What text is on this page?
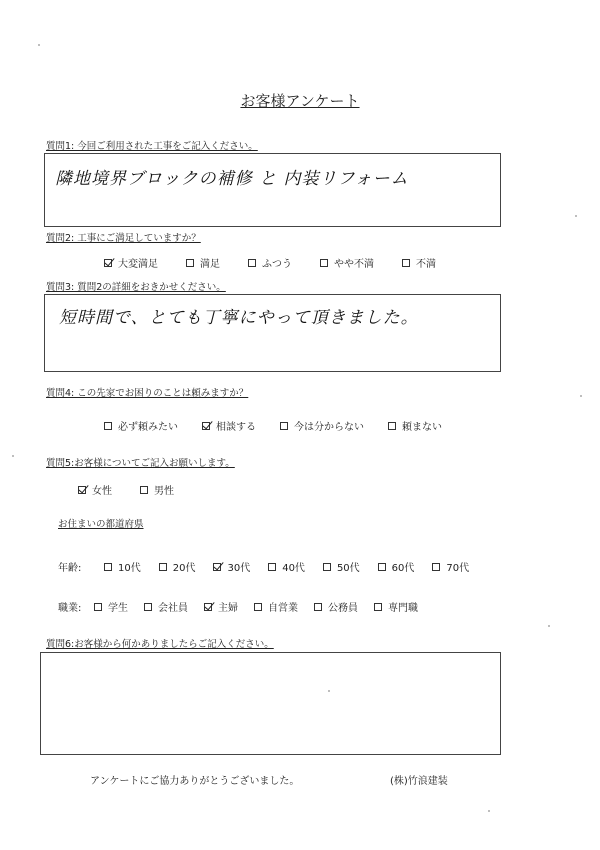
お客様アンケート
質問1: 今回ご利用された工事をご記入ください。
隣地境界ブロックの補修 と 内装リフォーム
質問2: 工事にご満足していますか？
大変満足	満足	ふつう	やや不満	不満
質問3: 質問2の詳細をおきかせください。
短時間で、とても丁寧にやって頂きました。
質問4: この先家でお困りのことは頼みますか？
必ず頼みたい	相談する	今は分からない	頼まない
質問5:お客様についてご記入お願いします。
女性	男性
お住まいの都道府県
年齢:	10代	20代	30代	40代	50代	60代	70代
職業:	学生	会社員	主婦	自営業	公務員	専門職
質問6:お客様から何かありましたらご記入ください。
アンケートにご協力ありがとうございました。	(株)竹浪建装
